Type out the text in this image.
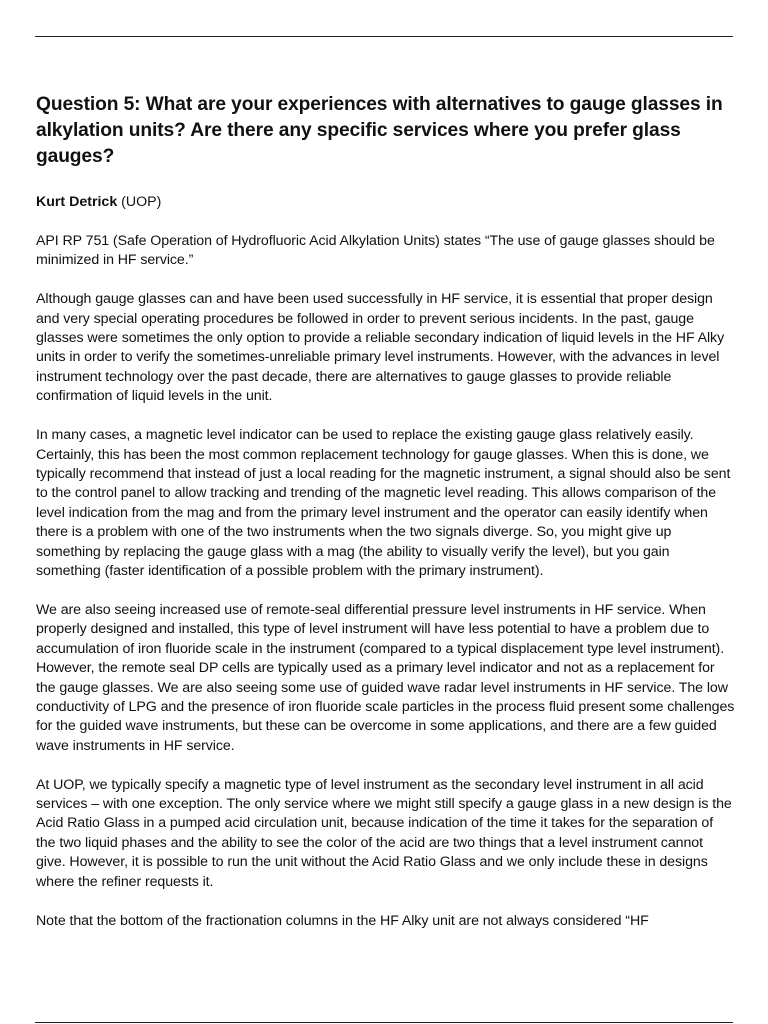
Question 5: What are your experiences with alternatives to gauge glasses in alkylation units? Are there any specific services where you prefer glass gauges?
Kurt Detrick (UOP)

API RP 751 (Safe Operation of Hydrofluoric Acid Alkylation Units) states “The use of gauge glasses should be minimized in HF service.”

Although gauge glasses can and have been used successfully in HF service, it is essential that proper design and very special operating procedures be followed in order to prevent serious incidents. In the past, gauge glasses were sometimes the only option to provide a reliable secondary indication of liquid levels in the HF Alky units in order to verify the sometimes-unreliable primary level instruments. However, with the advances in level instrument technology over the past decade, there are alternatives to gauge glasses to provide reliable confirmation of liquid levels in the unit.

In many cases, a magnetic level indicator can be used to replace the existing gauge glass relatively easily. Certainly, this has been the most common replacement technology for gauge glasses. When this is done, we typically recommend that instead of just a local reading for the magnetic instrument, a signal should also be sent to the control panel to allow tracking and trending of the magnetic level reading. This allows comparison of the level indication from the mag and from the primary level instrument and the operator can easily identify when there is a problem with one of the two instruments when the two signals diverge. So, you might give up something by replacing the gauge glass with a mag (the ability to visually verify the level), but you gain something (faster identification of a possible problem with the primary instrument).

We are also seeing increased use of remote-seal differential pressure level instruments in HF service. When properly designed and installed, this type of level instrument will have less potential to have a problem due to accumulation of iron fluoride scale in the instrument (compared to a typical displacement type level instrument). However, the remote seal DP cells are typically used as a primary level indicator and not as a replacement for the gauge glasses. We are also seeing some use of guided wave radar level instruments in HF service. The low conductivity of LPG and the presence of iron fluoride scale particles in the process fluid present some challenges for the guided wave instruments, but these can be overcome in some applications, and there are a few guided wave instruments in HF service.

At UOP, we typically specify a magnetic type of level instrument as the secondary level instrument in all acid services – with one exception. The only service where we might still specify a gauge glass in a new design is the Acid Ratio Glass in a pumped acid circulation unit, because indication of the time it takes for the separation of the two liquid phases and the ability to see the color of the acid are two things that a level instrument cannot give. However, it is possible to run the unit without the Acid Ratio Glass and we only include these in designs where the refiner requests it.

Note that the bottom of the fractionation columns in the HF Alky unit are not always considered “HF
